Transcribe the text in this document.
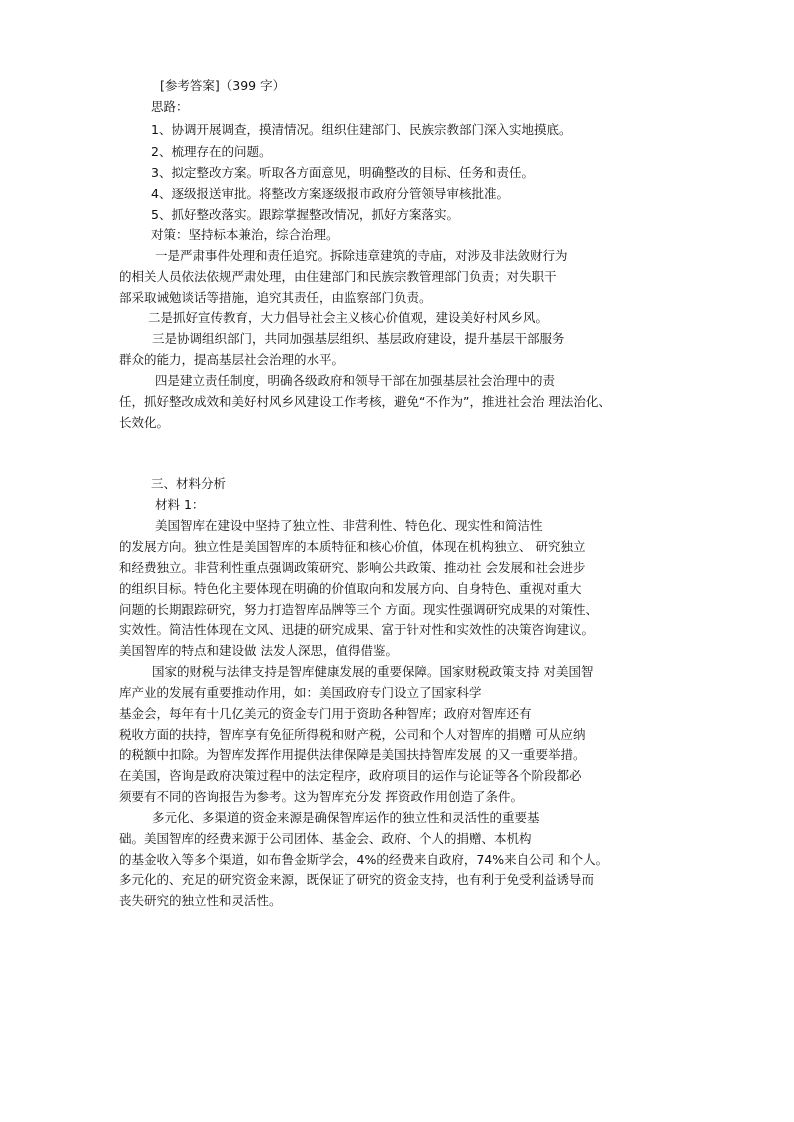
[参考答案]（399 字）

思路：

1、协调开展调查，摸清情况。组织住建部门、民族宗教部门深入实地摸底。

2、梳理存在的问题。

3、拟定整改方案。听取各方面意见，明确整改的目标、任务和责任。

4、逐级报送审批。将整改方案逐级报市政府分管领导审核批准。

5、抓好整改落实。跟踪掌握整改情况，抓好方案落实。

对策：坚持标本兼治，综合治理。

一是严肃事件处理和责任追究。拆除违章建筑的寺庙，对涉及非法敛财行为

的相关人员依法依规严肃处理，由住建部门和民族宗教管理部门负责；对失职干

部采取诫勉谈话等措施，追究其责任，由监察部门负责。

二是抓好宣传教育，大力倡导社会主义核心价值观，建设美好村风乡风。

三是协调组织部门，共同加强基层组织、基层政府建设，提升基层干部服务

群众的能力，提高基层社会治理的水平。

四是建立责任制度，明确各级政府和领导干部在加强基层社会治理中的责

任，抓好整改成效和美好村风乡风建设工作考核，避免“不作为”，推进社会治 理法治化、

长效化。

三、材料分析

材料 1：

美国智库在建设中坚持了独立性、非营利性、特色化、现实性和简洁性

的发展方向。独立性是美国智库的本质特征和核心价值，体现在机构独立、 研究独立

和经费独立。非营利性重点强调政策研究、影响公共政策、推动社 会发展和社会进步

的组织目标。特色化主要体现在明确的价值取向和发展方向、自身特色、重视对重大

问题的长期跟踪研究，努力打造智库品牌等三个 方面。现实性强调研究成果的对策性、

实效性。简洁性体现在文风、迅捷的研究成果、富于针对性和实效性的决策咨询建议。

美国智库的特点和建设做 法发人深思，值得借鉴。

国家的财税与法律支持是智库健康发展的重要保障。国家财税政策支持 对美国智

库产业的发展有重要推动作用，如：美国政府专门设立了国家科学

基金会，每年有十几亿美元的资金专门用于资助各种智库；政府对智库还有

税收方面的扶持，智库享有免征所得税和财产税，公司和个人对智库的捐赠 可从应纳

的税额中扣除。为智库发挥作用提供法律保障是美国扶持智库发展 的又一重要举措。

在美国，咨询是政府决策过程中的法定程序，政府项目的运作与论证等各个阶段都必

须要有不同的咨询报告为参考。这为智库充分发 挥资政作用创造了条件。

多元化、多渠道的资金来源是确保智库运作的独立性和灵活性的重要基

础。美国智库的经费来源于公司团体、基金会、政府、个人的捐赠、本机构

的基金收入等多个渠道，如布鲁金斯学会，4%的经费来自政府，74%来自公司 和个人。

多元化的、充足的研究资金来源，既保证了研究的资金支持，也有利于免受利益诱导而

丧失研究的独立性和灵活性。
